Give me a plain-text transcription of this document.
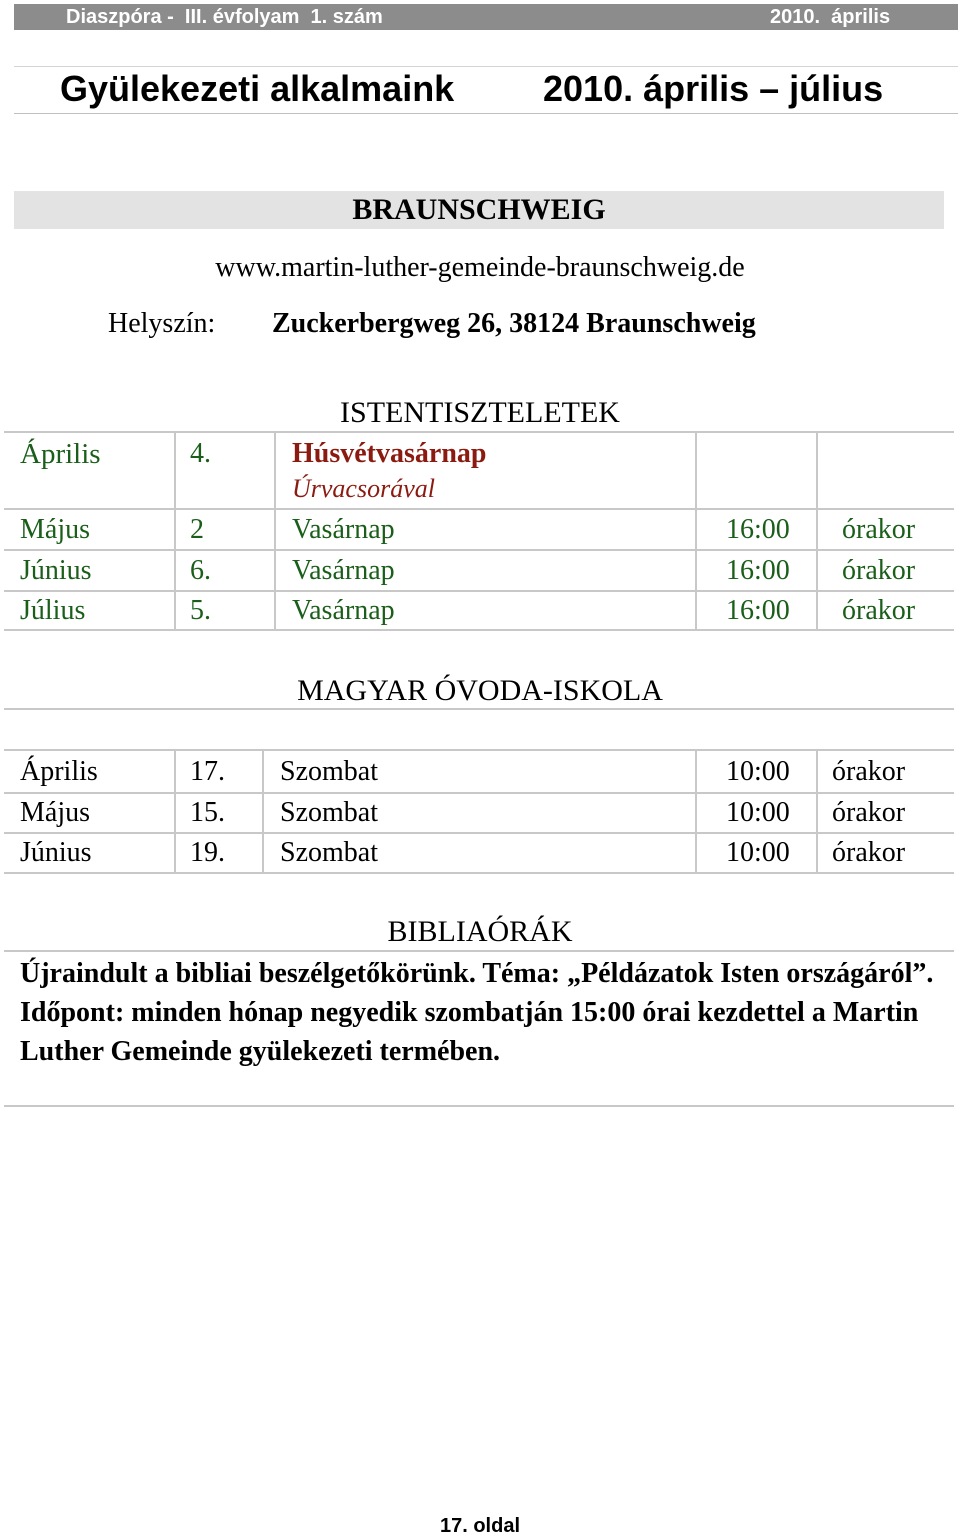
Diaszpóra -  III. évfolyam  1. szám	2010.  április
Gyülekezeti alkalmaink 2010. április – július
BRAUNSCHWEIG
www.martin-luther-gemeinde-braunschweig.de
Helyszín: Zuckerbergweg 26, 38124 Braunschweig
ISTENTISZTELETEK
Április	4.	Húsvétvasárnap
Úrvacsorával
Május	2	Vasárnap	16:00 órakor
Június	6.	Vasárnap	16:00 órakor
Július	5.	Vasárnap	16:00 órakor
MAGYAR ÓVODA-ISKOLA
Április	17. Szombat	10:00 órakor
Május	15. Szombat	10:00 órakor
Június	19. Szombat	10:00 órakor
BIBLIAÓRÁK
Újraindult a bibliai beszélgetőkörünk. Téma: „Példázatok Isten országáról”. Időpont: minden hónap negyedik szombatján 15:00 órai kezdettel a Martin Luther Gemeinde gyülekezeti termében.
17. oldal
